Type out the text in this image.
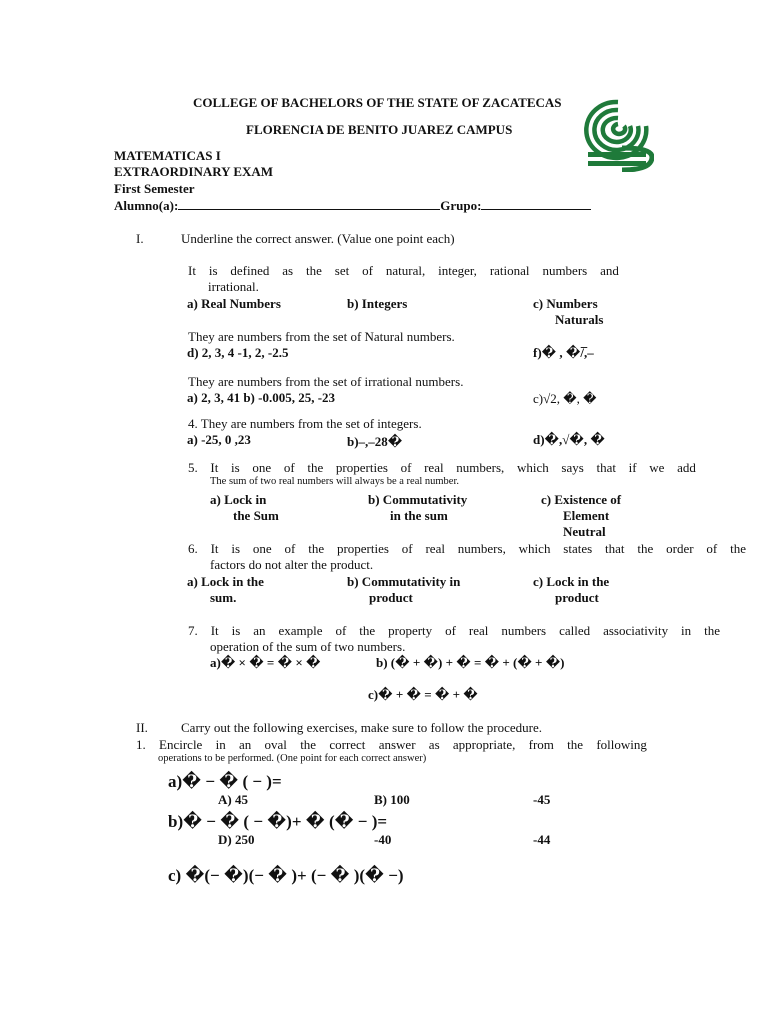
COLLEGE OF BACHELORS OF THE STATE OF ZACATECAS
FLORENCIA DE BENITO JUAREZ CAMPUS
MATEMATICAS I
EXTRAORDINARY EXAM
First Semester
Alumno(a):	Grupo:
I.	Underline the correct answer. (Value one point each)
It is defined as the set of natural, integer, rational numbers and
irrational.
a) Real Numbers	b) Integers	c) Numbers
Naturals
They are numbers from the set of Natural numbers.
d) 2, 3, 4 -1, 2, -2.5	f)� , �/̅,–
They are numbers from the set of irrational numbers.
a) 2, 3, 41 b) -0.005, 25, -23	c)√2, �, �
4. They are numbers from the set of integers.
a) -25, 0 ,23	b)–,–28�	d)�,√�, �
5. It is one of the properties of real numbers, which says that if we add
The sum of two real numbers will always be a real number.
a) Lock in
the Sum
b) Commutativity
in the sum
c) Existence of
Element
Neutral
6. It is one of the properties of real numbers, which states that the order of the
factors do not alter the product.
a) Lock in the
sum.
b) Commutativity in
product
c) Lock in the
product
7. It is an example of the property of real numbers called associativity in the
operation of the sum of two numbers.
a)� × � = � × �	b) (� + �) + � = � + (� + �)
c)� + � = � + �
II.	Carry out the following exercises, make sure to follow the procedure.
1. Encircle in an oval the correct answer as appropriate, from the following
operations to be performed. (One point for each correct answer)
a)� − � ( − )=
A) 45	B) 100	-45
b)� − � ( − �)+ � (� − )=
D) 250	-40	-44
c) �(− �)(− � )+ (− � )(� −)
